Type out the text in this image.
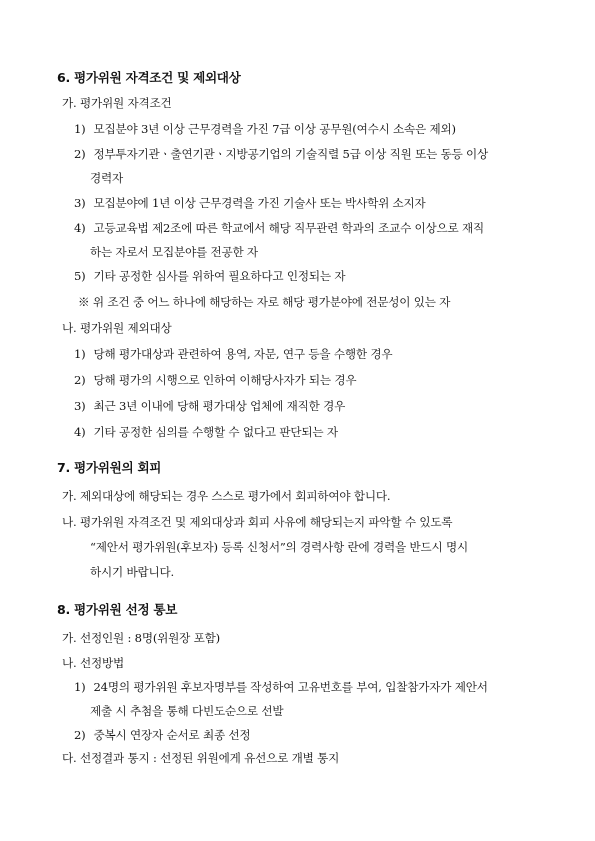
6. 평가위원 자격조건 및 제외대상
가. 평가위원 자격조건
1) 모집분야 3년 이상 근무경력을 가진 7급 이상 공무원(여수시 소속은 제외)
2) 정부투자기관ㆍ출연기관ㆍ지방공기업의 기술직렬 5급 이상 직원 또는 동등 이상
경력자
3) 모집분야에 1년 이상 근무경력을 가진 기술사 또는 박사학위 소지자
4) 고등교육법 제2조에 따른 학교에서 해당 직무관련 학과의 조교수 이상으로 재직
하는 자로서 모집분야를 전공한 자
5) 기타 공정한 심사를 위하여 필요하다고 인정되는 자
※ 위 조건 중 어느 하나에 해당하는 자로 해당 평가분야에 전문성이 있는 자
나. 평가위원 제외대상
1) 당해 평가대상과 관련하여 용역, 자문, 연구 등을 수행한 경우
2) 당해 평가의 시행으로 인하여 이해당사자가 되는 경우
3) 최근 3년 이내에 당해 평가대상 업체에 재직한 경우
4) 기타 공정한 심의를 수행할 수 없다고 판단되는 자
7. 평가위원의 회피
가. 제외대상에 해당되는 경우 스스로 평가에서 회피하여야 합니다.
나. 평가위원 자격조건 및 제외대상과 회피 사유에 해당되는지 파악할 수 있도록
“제안서 평가위원(후보자) 등록 신청서”의 경력사항 란에 경력을 반드시 명시
하시기 바랍니다.
8. 평가위원 선정 통보
가. 선정인원 : 8명(위원장 포함)
나. 선정방법
1) 24명의 평가위원 후보자명부를 작성하여 고유번호를 부여, 입찰참가자가 제안서
제출 시 추첨을 통해 다빈도순으로 선발
2) 중복시 연장자 순서로 최종 선정
다. 선정결과 통지 : 선정된 위원에게 유선으로 개별 통지
